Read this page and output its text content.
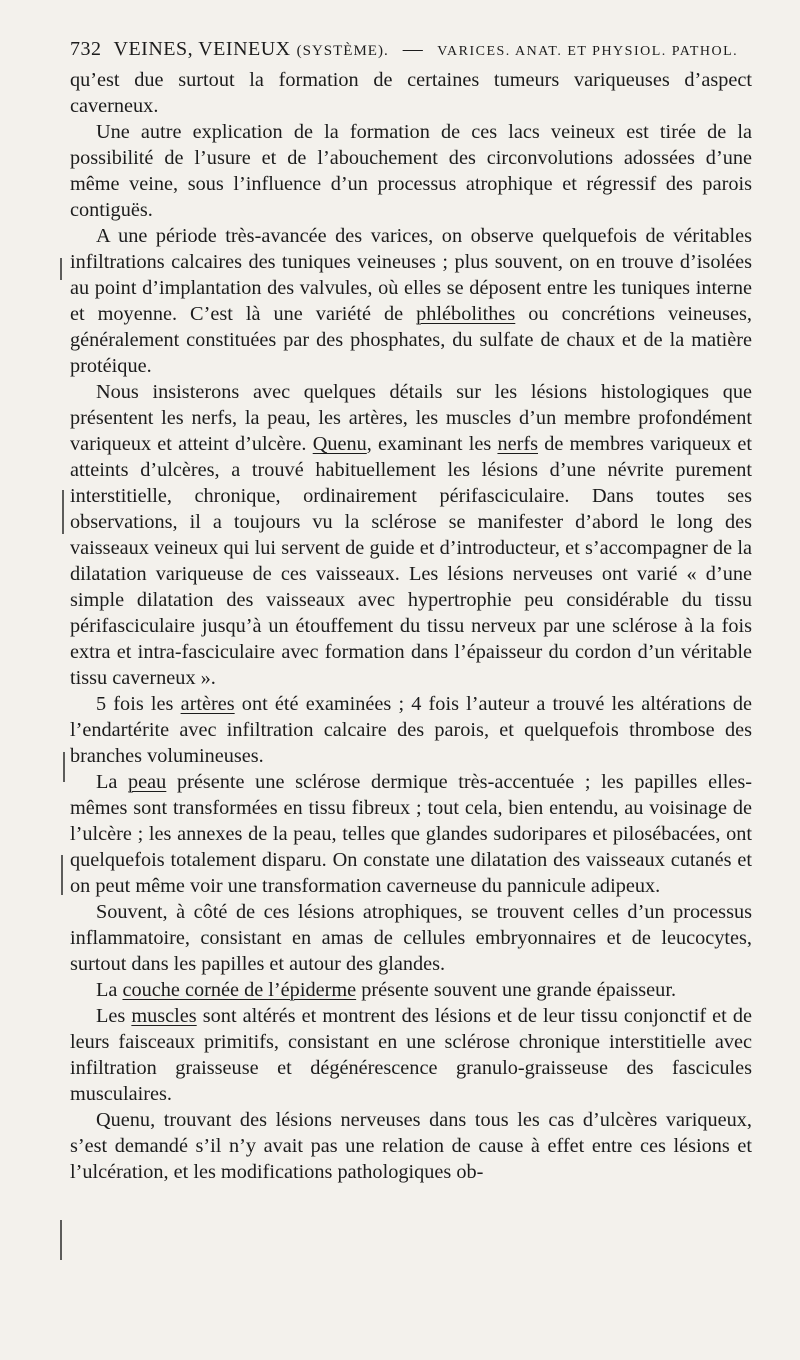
732 VEINES, VEINEUX (SYSTÈME). — VARICES. ANAT. ET PHYSIOL. PATHOL.

qu’est due surtout la formation de certaines tumeurs variqueuses d’aspect caverneux.

Une autre explication de la formation de ces lacs veineux est tirée de la possibilité de l’usure et de l’abouchement des circonvolutions adossées d’une même veine, sous l’influence d’un processus atrophique et régressif des parois contiguës.

A une période très-avancée des varices, on observe quelquefois de véritables infiltrations calcaires des tuniques veineuses ; plus souvent, on en trouve d’isolées au point d’implantation des valvules, où elles se déposent entre les tuniques interne et moyenne. C’est là une variété de phlébolithes ou concrétions veineuses, généralement constituées par des phosphates, du sulfate de chaux et de la matière protéique.

Nous insisterons avec quelques détails sur les lésions histologiques que présentent les nerfs, la peau, les artères, les muscles d’un membre profondément variqueux et atteint d’ulcère. Quenu, examinant les nerfs de membres variqueux et atteints d’ulcères, a trouvé habituellement les lésions d’une névrite purement interstitielle, chronique, ordinairement périfasciculaire. Dans toutes ses observations, il a toujours vu la sclérose se manifester d’abord le long des vaisseaux veineux qui lui servent de guide et d’introducteur, et s’accompagner de la dilatation variqueuse de ces vaisseaux. Les lésions nerveuses ont varié « d’une simple dilatation des vaisseaux avec hypertrophie peu considérable du tissu périfasciculaire jusqu’à un étouffement du tissu nerveux par une sclérose à la fois extra et intra-fasciculaire avec formation dans l’épaisseur du cordon d’un véritable tissu caverneux ».

5 fois les artères ont été examinées ; 4 fois l’auteur a trouvé les altérations de l’endartérite avec infiltration calcaire des parois, et quelquefois thrombose des branches volumineuses.

La peau présente une sclérose dermique très-accentuée ; les papilles elles-mêmes sont transformées en tissu fibreux ; tout cela, bien entendu, au voisinage de l’ulcère ; les annexes de la peau, telles que glandes sudoripares et pilosébacées, ont quelquefois totalement disparu. On constate une dilatation des vaisseaux cutanés et on peut même voir une transformation caverneuse du pannicule adipeux.

Souvent, à côté de ces lésions atrophiques, se trouvent celles d’un processus inflammatoire, consistant en amas de cellules embryonnaires et de leucocytes, surtout dans les papilles et autour des glandes.

La couche cornée de l’épiderme présente souvent une grande épaisseur.

Les muscles sont altérés et montrent des lésions et de leur tissu conjonctif et de leurs faisceaux primitifs, consistant en une sclérose chronique interstitielle avec infiltration graisseuse et dégénérescence granulo-graisseuse des fascicules musculaires.

Quenu, trouvant des lésions nerveuses dans tous les cas d’ulcères variqueux, s’est demandé s’il n’y avait pas une relation de cause à effet entre ces lésions et l’ulcération, et les modifications pathologiques ob-
